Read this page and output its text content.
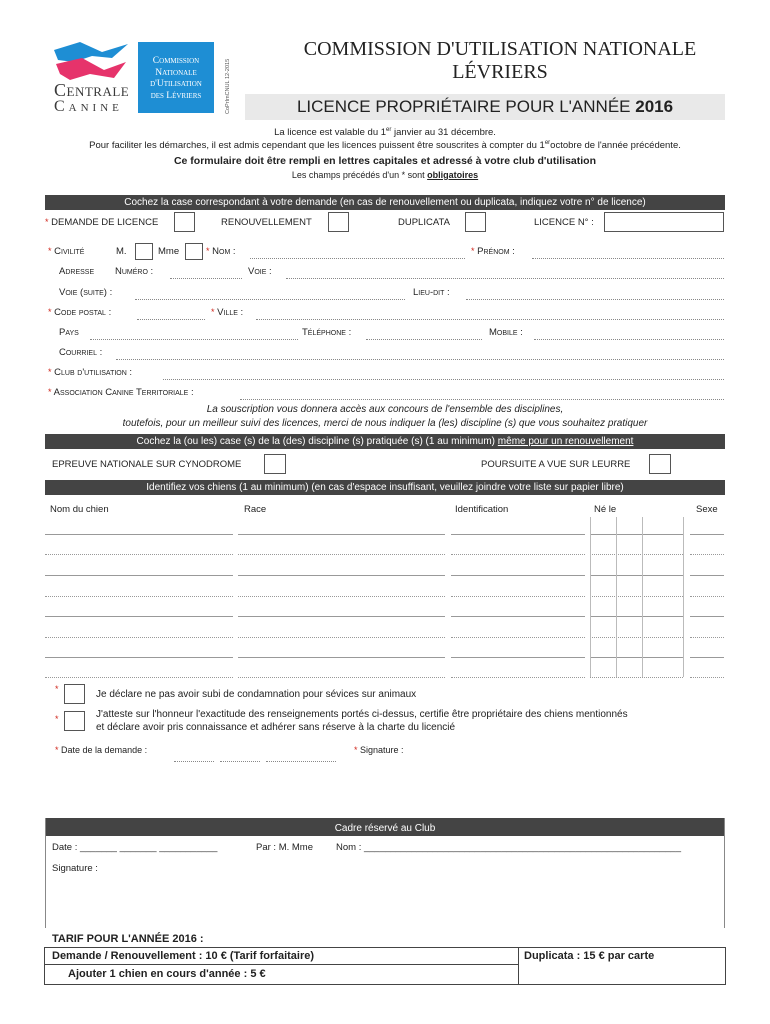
Centrale
Canine
Commission
Nationale
d'Utilisation
des Lévriers	CoPrImCNUL 12-2015
COMMISSION D'UTILISATION NATIONALE
LÉVRIERS
LICENCE PROPRIÉTAIRE POUR L'ANNÉE 2016
La licence est valable du 1er janvier au 31 décembre.
Pour faciliter les démarches, il est admis cependant que les licences puissent être souscrites à compter du 1eroctobre de l'année précédente.
Ce formulaire doit être rempli en lettres capitales et adressé à votre club d'utilisation
Les champs précédés d'un * sont obligatoires
Cochez la case correspondant à votre demande (en cas de renouvellement ou duplicata, indiquez votre n° de licence)
* DEMANDE DE LICENCE	RENOUVELLEMENT	DUPLICATA	LICENCE N° :
* Civilité	M.	Mme	* Nom :	* Prénom :
Adresse Numéro :	Voie :
Voie (suite) :	Lieu-dit :
* Code postal :	* Ville :
Pays	Téléphone :	Mobile :
Courriel :
* Club d'utilisation :
* Association Canine Territoriale :
La souscription vous donnera accès aux concours de l'ensemble des disciplines,
toutefois, pour un meilleur suivi des licences, merci de nous indiquer la (les) discipline (s) que vous souhaitez pratiquer
Cochez la (ou les) case (s) de la (des) discipline (s) pratiquée (s) (1 au minimum) même pour un renouvellement
EPREUVE NATIONALE SUR CYNODROME	POURSUITE A VUE SUR LEURRE
Identifiez vos chiens (1 au minimum) (en cas d'espace insuffisant, veuillez joindre votre liste sur papier libre)
Nom du chien	Race	Identification	Né le	Sexe
*	Je déclare ne pas avoir subi de condamnation pour sévices sur animaux
*	J'atteste sur l'honneur l'exactitude des renseignements portés ci-dessus, certifie être propriétaire des chiens mentionnés
et déclare avoir pris connaissance et adhérer sans réserve à la charte du licencié
* Date de la demande :	* Signature :
Cadre réservé au Club
Date : _______ _______ ___________	Par : M. Mme Nom : ____________________________________________________________
Signature :
TARIF POUR L'ANNÉE 2016 :
Demande / Renouvellement : 10 € (Tarif forfaitaire)	Duplicata : 15 € par carte
Ajouter 1 chien en cours d'année : 5 €
